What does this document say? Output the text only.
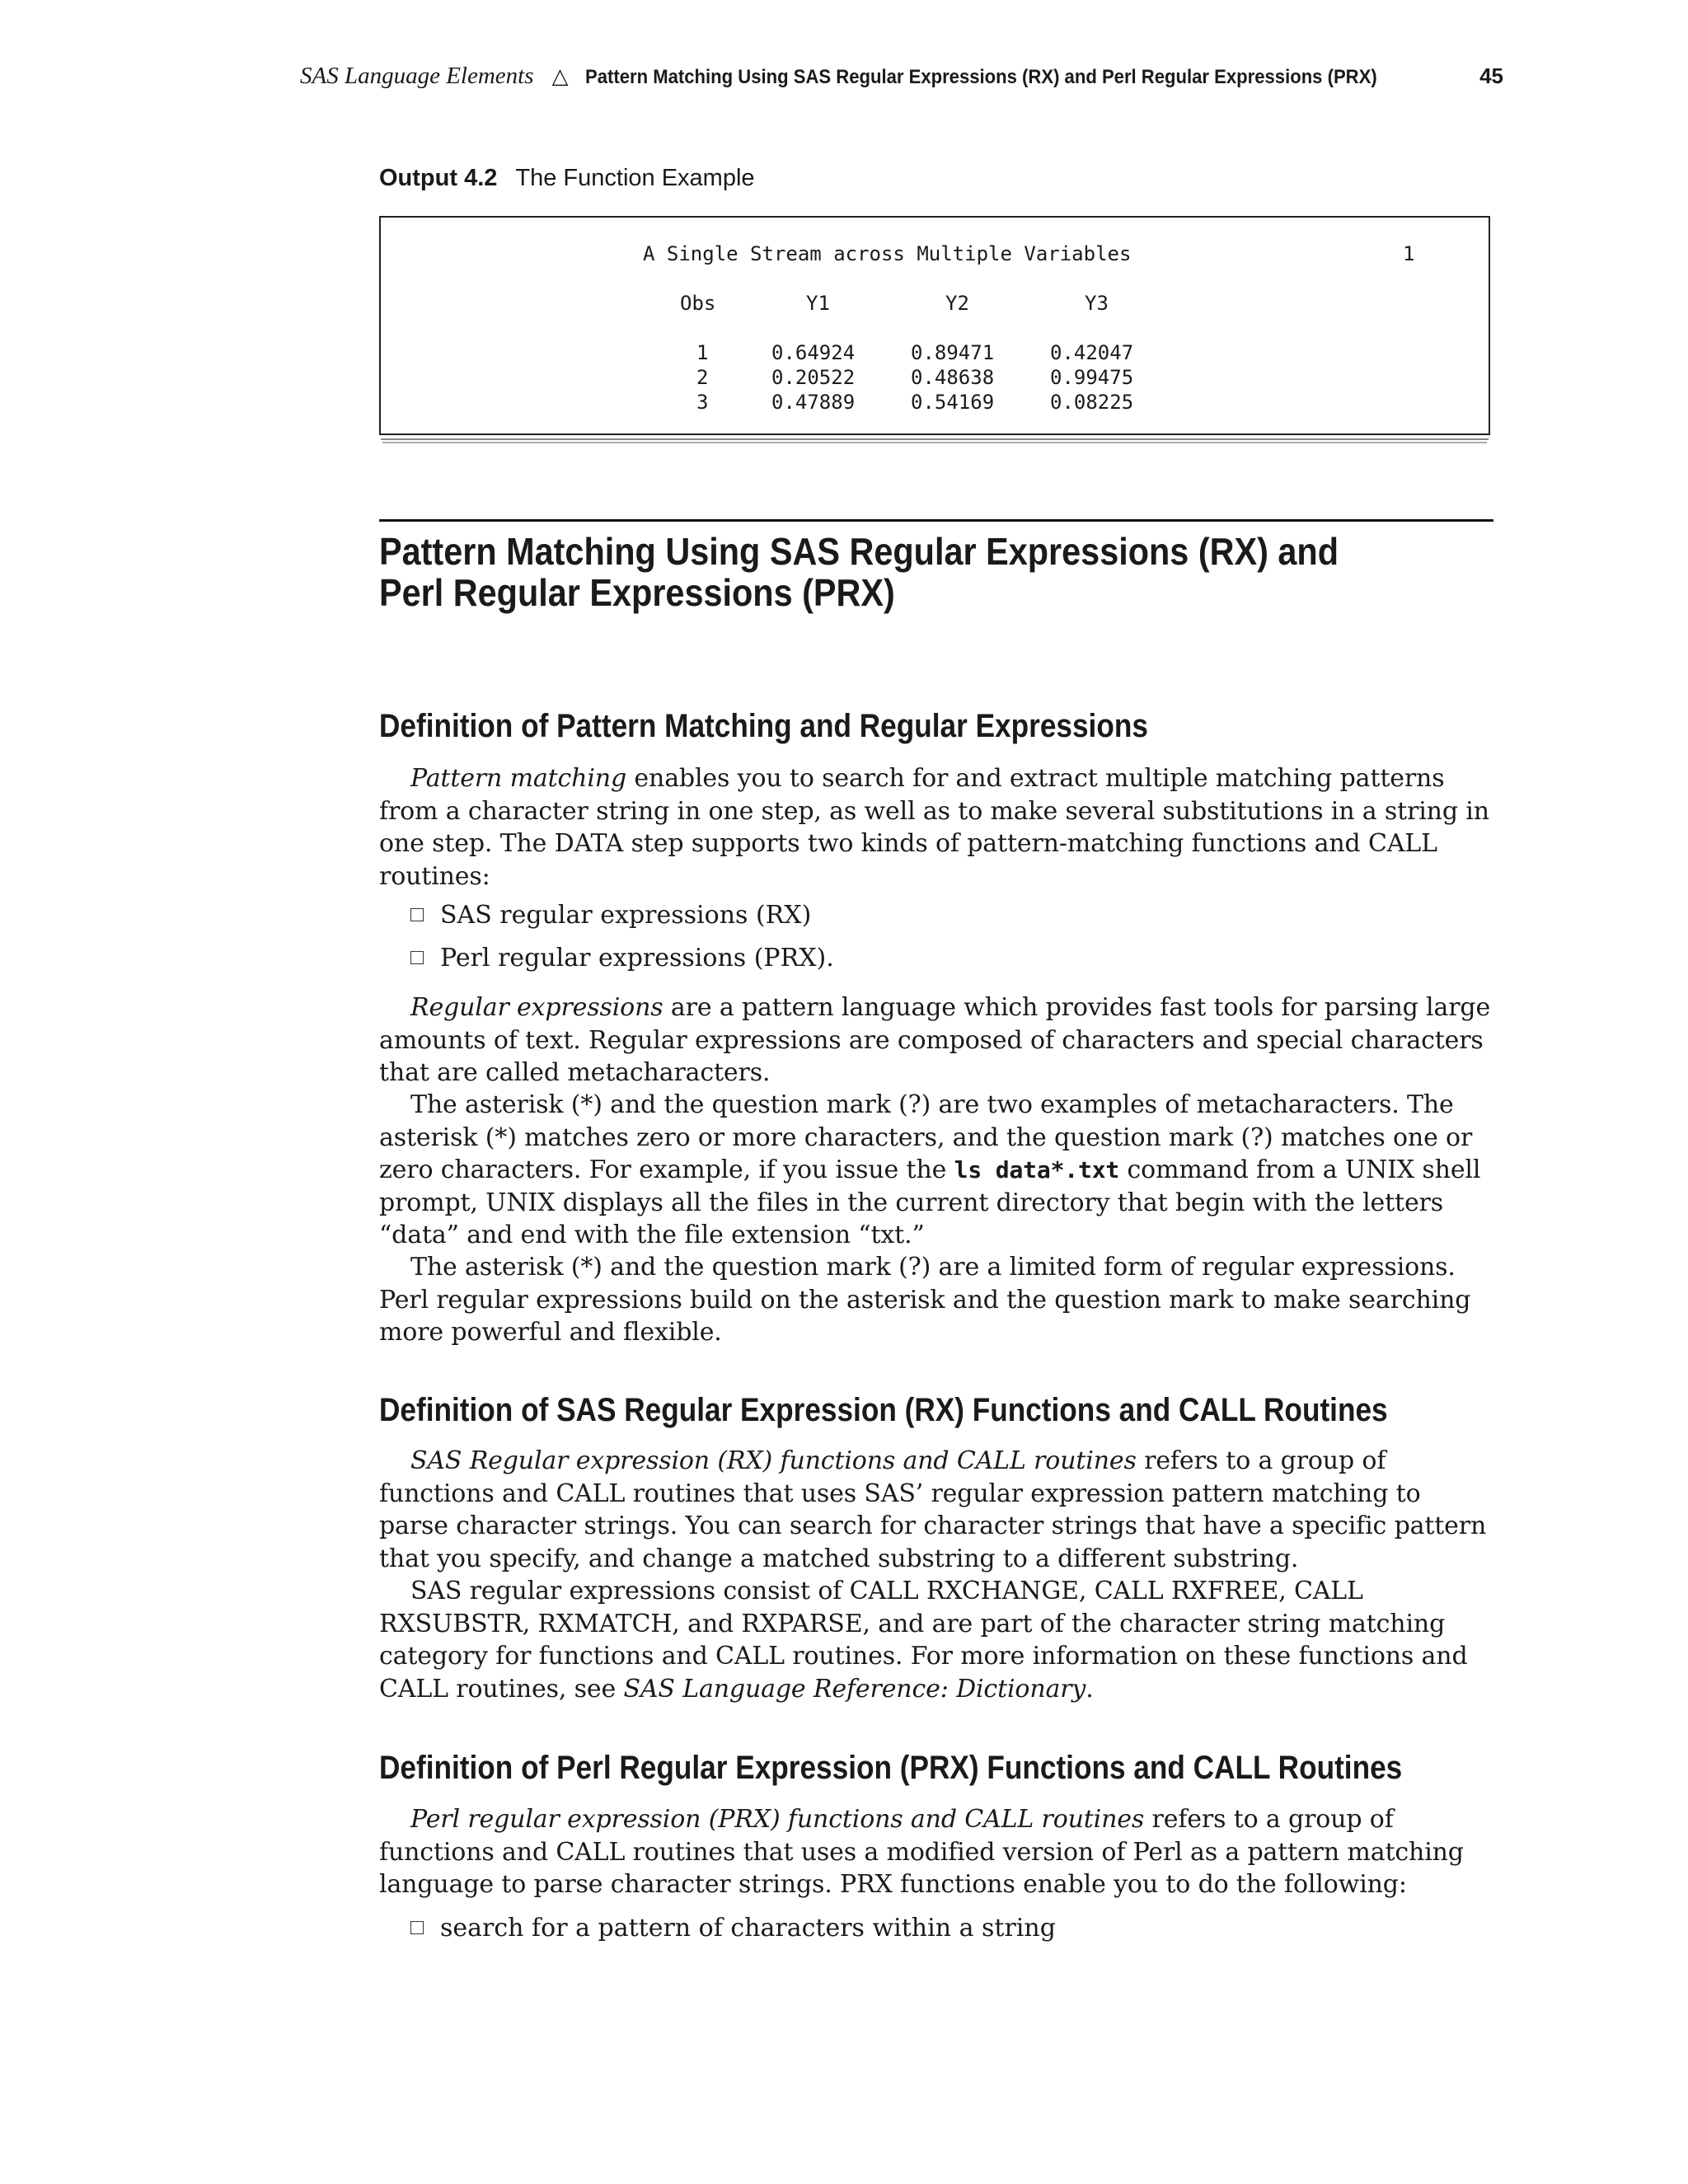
SAS Language Elements △ Pattern Matching Using SAS Regular Expressions (RX) and Perl Regular Expressions (PRX)	45
Output 4.2 The Function Example
A Single Stream across Multiple Variables	1
Obs	Y1	Y2	Y3
1	0.64924	0.89471	0.42047
2	0.20522	0.48638	0.99475
3	0.47889	0.54169	0.08225
Pattern Matching Using SAS Regular Expressions (RX) and Perl Regular Expressions (PRX)
Definition of Pattern Matching and Regular Expressions

Pattern matching enables you to search for and extract multiple matching patterns from a character string in one step, as well as to make several substitutions in a string in one step. The DATA step supports two kinds of pattern-matching functions and CALL routines:

SAS regular expressions (RX)
Perl regular expressions (PRX).

Regular expressions are a pattern language which provides fast tools for parsing large amounts of text. Regular expressions are composed of characters and special characters that are called metacharacters.

The asterisk (*) and the question mark (?) are two examples of metacharacters. The asterisk (*) matches zero or more characters, and the question mark (?) matches one or zero characters. For example, if you issue the ls data*.txt command from a UNIX shell prompt, UNIX displays all the files in the current directory that begin with the letters “data” and end with the file extension “txt.”

The asterisk (*) and the question mark (?) are a limited form of regular expressions. Perl regular expressions build on the asterisk and the question mark to make searching more powerful and flexible.

Definition of SAS Regular Expression (RX) Functions and CALL Routines

SAS Regular expression (RX) functions and CALL routines refers to a group of functions and CALL routines that uses SAS’ regular expression pattern matching to parse character strings. You can search for character strings that have a specific pattern that you specify, and change a matched substring to a different substring.

SAS regular expressions consist of CALL RXCHANGE, CALL RXFREE, CALL RXSUBSTR, RXMATCH, and RXPARSE, and are part of the character string matching category for functions and CALL routines. For more information on these functions and CALL routines, see SAS Language Reference: Dictionary.

Definition of Perl Regular Expression (PRX) Functions and CALL Routines

Perl regular expression (PRX) functions and CALL routines refers to a group of functions and CALL routines that uses a modified version of Perl as a pattern matching language to parse character strings. PRX functions enable you to do the following:

search for a pattern of characters within a string
